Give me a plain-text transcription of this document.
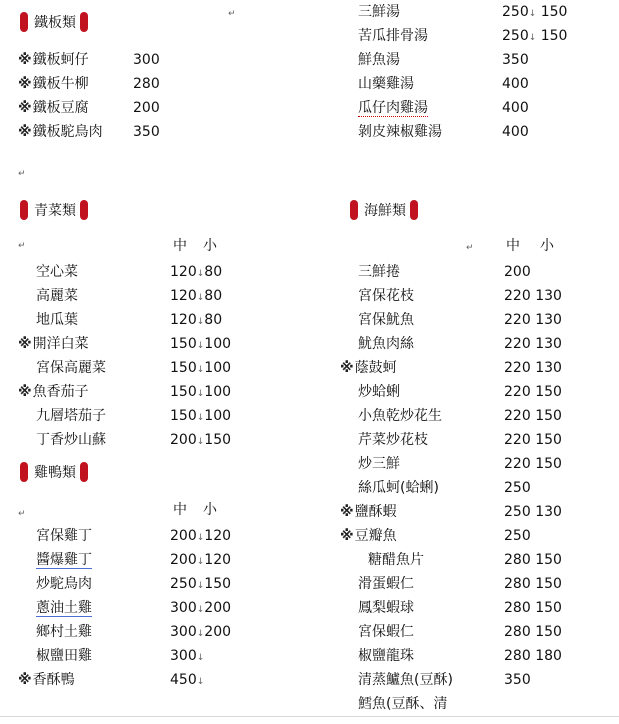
鐵板類
↵
※鐵板蚵仔	300
※鐵板牛柳	280
※鐵板豆腐	200
※鐵板駝鳥肉 350
↵
青菜類
↵	中 小
空心菜	120↓80
高麗菜	120↓80
地瓜葉	120↓80
※開洋白菜	150↓100
宮保高麗菜	150↓100
※魚香茄子	150↓100
九層塔茄子	150↓100
丁香炒山蘇	200↓150
雞鴨類
↵	中 小
宮保雞丁	200↓120
醬爆雞丁	200↓120
炒駝鳥肉	250↓150
蔥油土雞	300↓200
鄉村土雞	300↓200
椒鹽田雞	300↓
※香酥鴨	450↓
三鮮湯	250↓ 150
苦瓜排骨湯	250↓ 150
鮮魚湯	350
山藥雞湯	400
瓜仔肉雞湯	400
剝皮辣椒雞湯	400
海鮮類
↵ 中 小
三鮮捲	200
宮保花枝	220 130
宮保魷魚	220 130
魷魚肉絲	220 130
※蔭鼓蚵	220 130
炒蛤蜊	220 150
小魚乾炒花生	220 150
芹菜炒花枝	220 150
炒三鮮	220 150
絲瓜蚵(蛤蜊)	250
※鹽酥蝦	250 130
※豆瓣魚	250
糖醋魚片	280 150
滑蛋蝦仁	280 150
鳳梨蝦球	280 150
宮保蝦仁	280 150
椒鹽龍珠	280 180
清蒸鱸魚(豆酥)	350
鱈魚(豆酥、清
